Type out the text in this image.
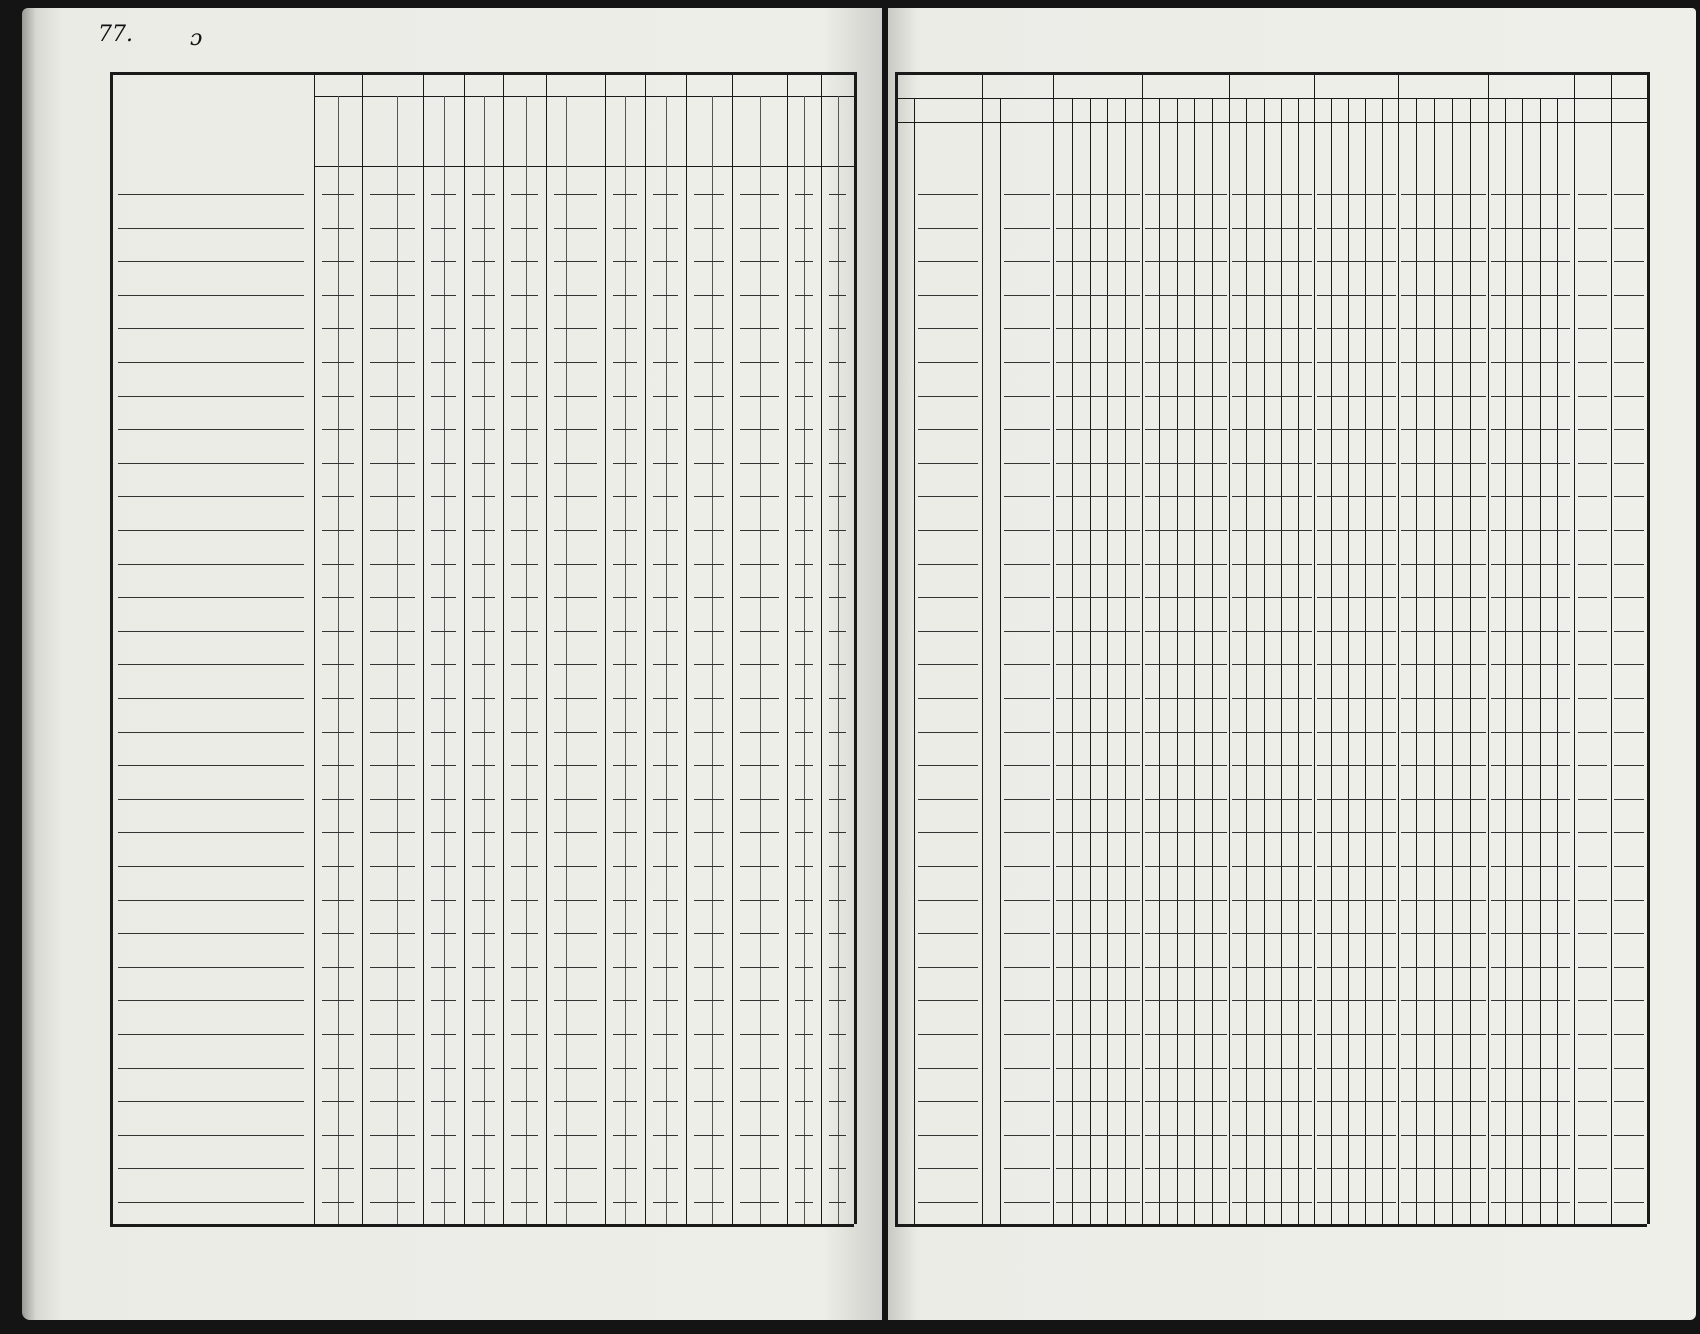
77.	ɔ
